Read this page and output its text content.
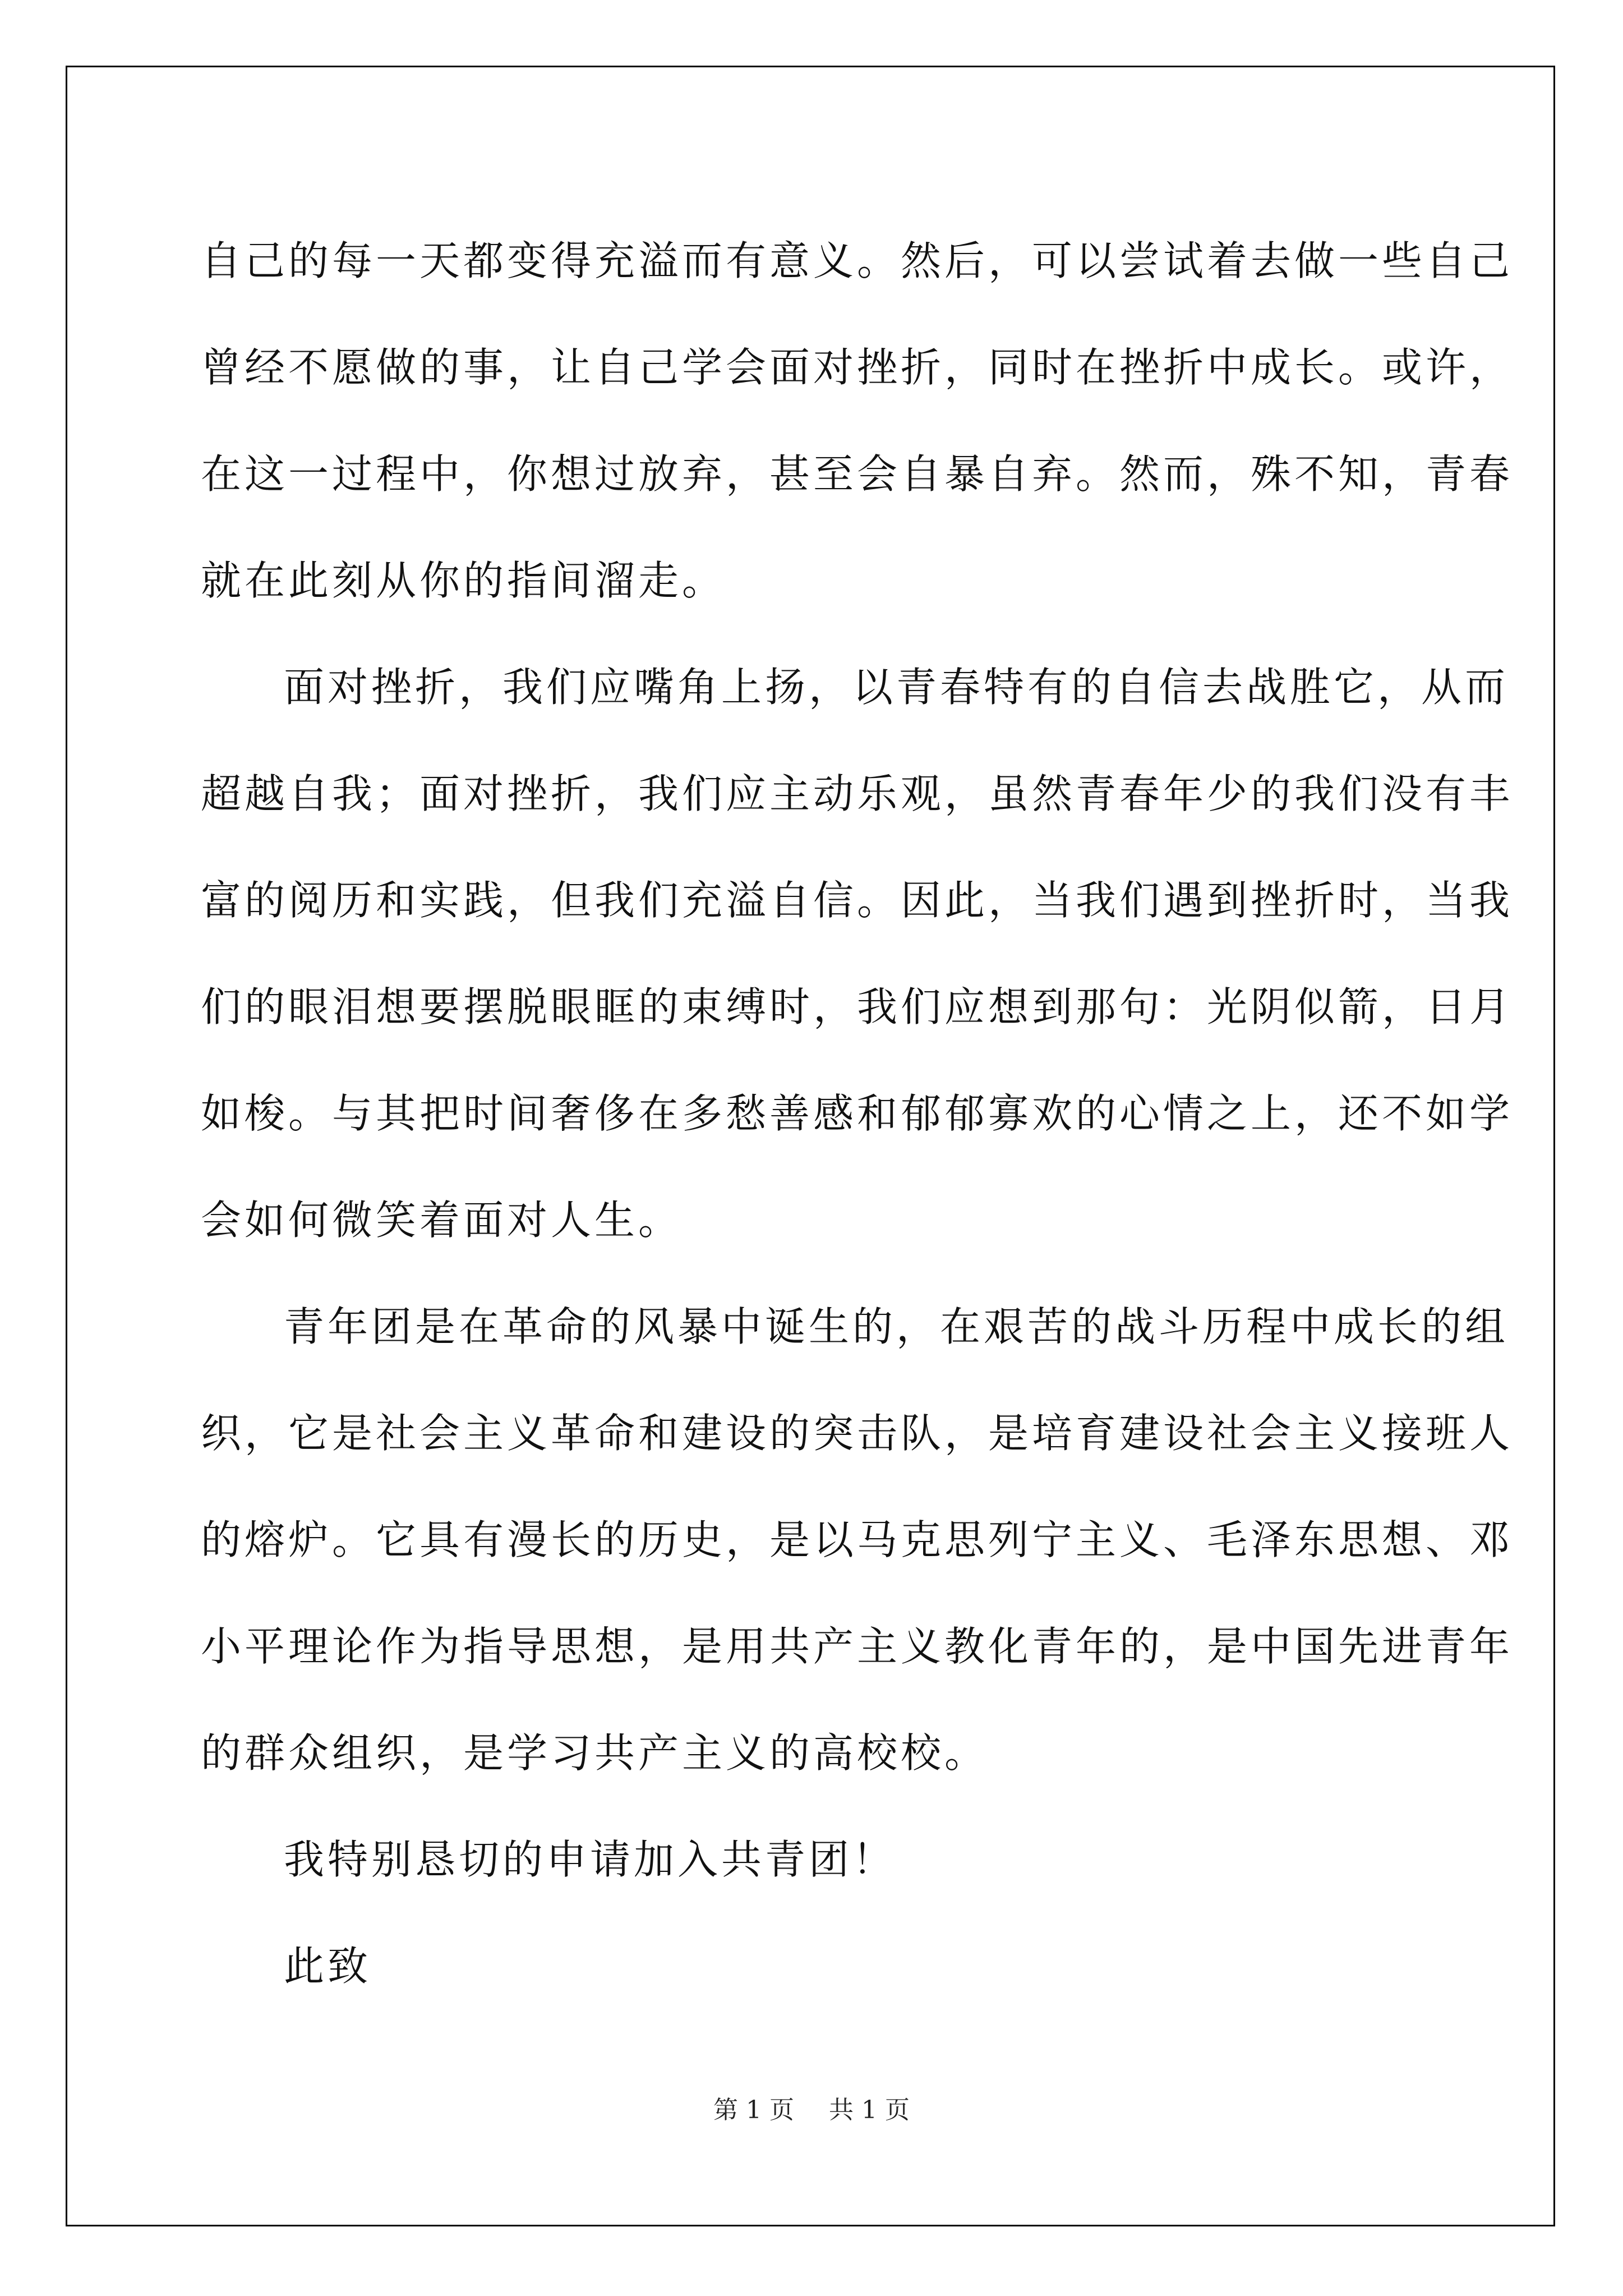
自己的每一天都变得充溢而有意义。然后，可以尝试着去做一些自己
曾经不愿做的事，让自己学会面对挫折，同时在挫折中成长。或许，
在这一过程中，你想过放弃，甚至会自暴自弃。然而，殊不知，青春
就在此刻从你的指间溜走。
面对挫折，我们应嘴角上扬，以青春特有的自信去战胜它，从而
超越自我；面对挫折，我们应主动乐观，虽然青春年少的我们没有丰
富的阅历和实践，但我们充溢自信。因此，当我们遇到挫折时，当我
们的眼泪想要摆脱眼眶的束缚时，我们应想到那句：光阴似箭，日月
如梭。与其把时间奢侈在多愁善感和郁郁寡欢的心情之上，还不如学
会如何微笑着面对人生。
青年团是在革命的风暴中诞生的，在艰苦的战斗历程中成长的组
织，它是社会主义革命和建设的突击队，是培育建设社会主义接班人
的熔炉。它具有漫长的历史，是以马克思列宁主义、毛泽东思想、邓
小平理论作为指导思想，是用共产主义教化青年的，是中国先进青年
的群众组织，是学习共产主义的高校校。
我特别恳切的申请加入共青团！
此致
第 1 页 共 1 页
